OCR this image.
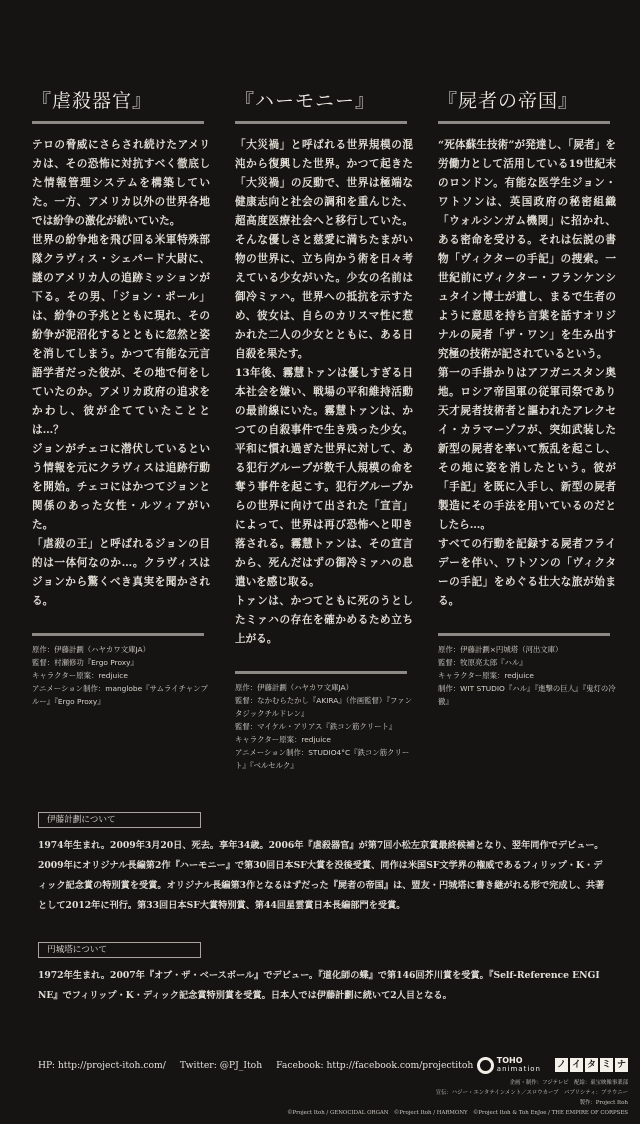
『虐殺器官』

テロの脅威にさらされ続けたアメリカは、その恐怖に対抗すべく徹底した情報管理システムを構築していた。一方、アメリカ以外の世界各地では紛争の激化が続いていた。

世界の紛争地を飛び回る米軍特殊部隊クラヴィス・シェパード大尉に、謎のアメリカ人の追跡ミッションが下る。その男、「ジョン・ポール」は、紛争の予兆とともに現れ、その紛争が泥沼化するとともに忽然と姿を消してしまう。かつて有能な元言語学者だった彼が、その地で何をしていたのか。アメリカ政府の追求をかわし、彼が企てていたこととは…？

ジョンがチェコに潜伏しているという情報を元にクラヴィスは追跡行動を開始。チェコにはかつてジョンと関係のあった女性・ルツィアがいた。

「虐殺の王」と呼ばれるジョンの目的は一体何なのか…。クラヴィスはジョンから驚くべき真実を聞かされる。

原作：伊藤計劃（ハヤカワ文庫JA）
監督：村瀬修功『Ergo Proxy』
キャラクター原案：redjuice
アニメーション制作：manglobe『サムライチャンプルー』『Ergo Proxy』
『ハーモニー』

「大災禍」と呼ばれる世界規模の混沌から復興した世界。かつて起きた「大災禍」の反動で、世界は極端な健康志向と社会の調和を重んじた、超高度医療社会へと移行していた。そんな優しさと慈愛に満ちたまがい物の世界に、立ち向かう術を日々考えている少女がいた。少女の名前は御冷ミァハ。世界への抵抗を示すため、彼女は、自らのカリスマ性に惹かれた二人の少女とともに、ある日自殺を果たす。

13年後、霧慧トァンは優しすぎる日本社会を嫌い、戦場の平和維持活動の最前線にいた。霧慧トァンは、かつての自殺事件で生き残った少女。平和に慣れ過ぎた世界に対して、ある犯行グループが数千人規模の命を奪う事件を起こす。犯行グループからの世界に向けて出された「宣言」によって、世界は再び恐怖へと叩き落される。霧慧トァンは、その宣言から、死んだはずの御冷ミァハの息遣いを感じ取る。

トァンは、かつてともに死のうとしたミァハの存在を確かめるため立ち上がる。

原作：伊藤計劃（ハヤカワ文庫JA）
監督：なかむらたかし『AKIRA』（作画監督）『ファンタジックチルドレン』
監督：マイケル・アリアス『鉄コン筋クリート』
キャラクター原案：redjuice
アニメーション制作：STUDIO4°C『鉄コン筋クリート』『ベルセルク』
『屍者の帝国』

“死体蘇生技術”が発達し、「屍者」を労働力として活用している19世紀末のロンドン。有能な医学生ジョン・ワトソンは、英国政府の秘密組織「ウォルシンガム機関」に招かれ、ある密命を受ける。それは伝説の書物「ヴィクターの手記」の捜索。一世紀前にヴィクター・フランケンシュタイン博士が遺し、まるで生者のように意思を持ち言葉を話すオリジナルの屍者「ザ・ワン」を生み出す究極の技術が記されているという。

第一の手掛かりはアフガニスタン奥地。ロシア帝国軍の従軍司祭であり天才屍者技術者と謳われたアレクセイ・カラマーゾフが、突如武装した新型の屍者を率いて叛乱を起こし、その地に姿を消したという。彼が「手記」を既に入手し、新型の屍者製造にその手法を用いているのだとしたら…。

すべての行動を記録する屍者フライデーを伴い、ワトソンの「ヴィクターの手記」をめぐる壮大な旅が始まる。

原作：伊藤計劃×円城塔（河出文庫）
監督：牧原亮太郎『ハル』
キャラクター原案：redjuice
制作：WIT STUDIO『ハル』『進撃の巨人』『鬼灯の冷徹』
伊藤計劃について
1974年生まれ。2009年3月20日、死去。享年34歳。2006年『虐殺器官』が第7回小松左京賞最終候補となり、翌年同作でデビュー。2009年にオリジナル長編第2作『ハーモニー』で第30回日本SF大賞を没後受賞、同作は米国SF文学界の権威であるフィリップ・K・ディック記念賞の特別賞を受賞。オリジナル長編第3作となるはずだった『屍者の帝国』は、盟友・円城塔に書き継がれる形で完成し、共著として2012年に刊行。第33回日本SF大賞特別賞、第44回星雲賞日本長編部門を受賞。
円城塔について
1972年生まれ。2007年『オブ・ザ・ベースボール』でデビュー。『道化師の蝶』で第146回芥川賞を受賞。『Self-Reference ENGINE』でフィリップ・K・ディック記念賞特別賞を受賞。日本人では伊藤計劃に続いて2人目となる。
HP: http://project-itoh.com/ Twitter: @PJ_Itoh Facebook: http://facebook.com/projectitoh	TOHO
animation ノ イ タ ミ ナ
企画・制作：フジテレビ　配給：東宝映像事業部
宣伝：ハジー・エンタテインメント／スロウカーブ　パブリシティ：ブラウニー
製作：Project Itoh
©Project Itoh / GENOCIDAL ORGAN　©Project Itoh / HARMONY　©Project Itoh & Toh EnJoe / THE EMPIRE OF CORPSES
